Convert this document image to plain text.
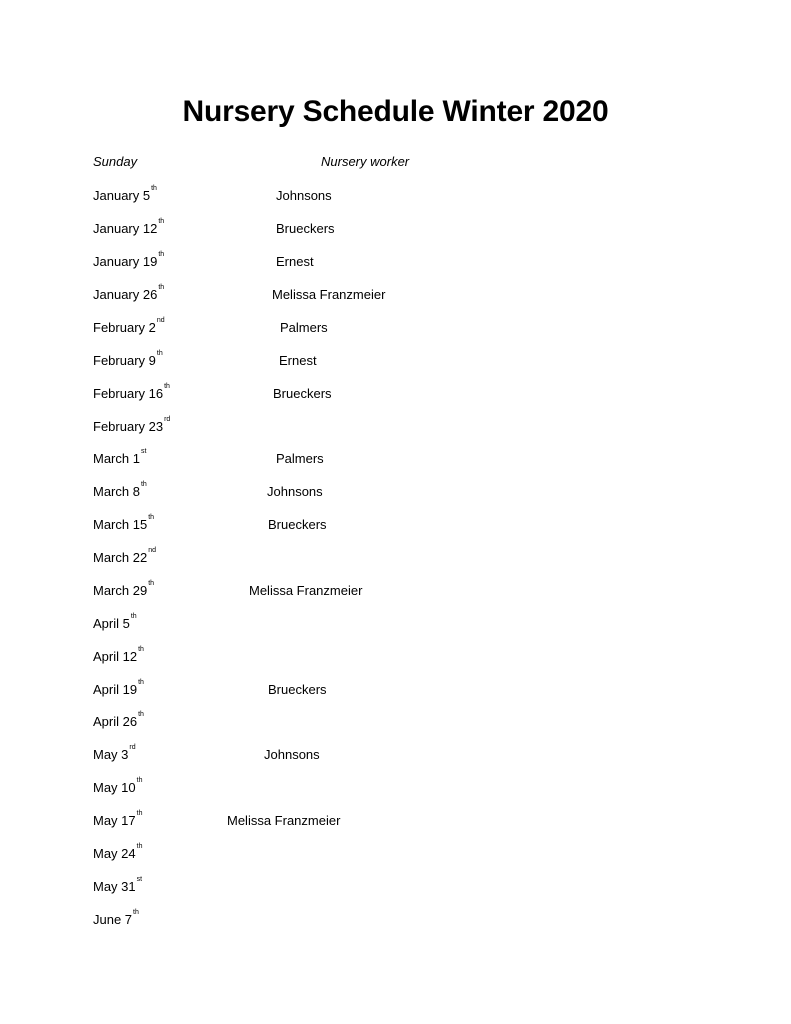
Nursery Schedule Winter 2020
Sunday	Nursery worker
January 5th	Johnsons
January 12th	Brueckers
January 19th	Ernest
January 26th	Melissa Franzmeier
February 2nd	Palmers
February 9th	Ernest
February 16th	Brueckers
February 23rd
March 1st	Palmers
March 8th	Johnsons
March 15th	Brueckers
March 22nd
March 29th	Melissa Franzmeier
April 5th
April 12th
April 19th	Brueckers
April 26th
May 3rd	Johnsons
May 10th
May 17th	Melissa Franzmeier
May 24th
May 31st
June 7th
